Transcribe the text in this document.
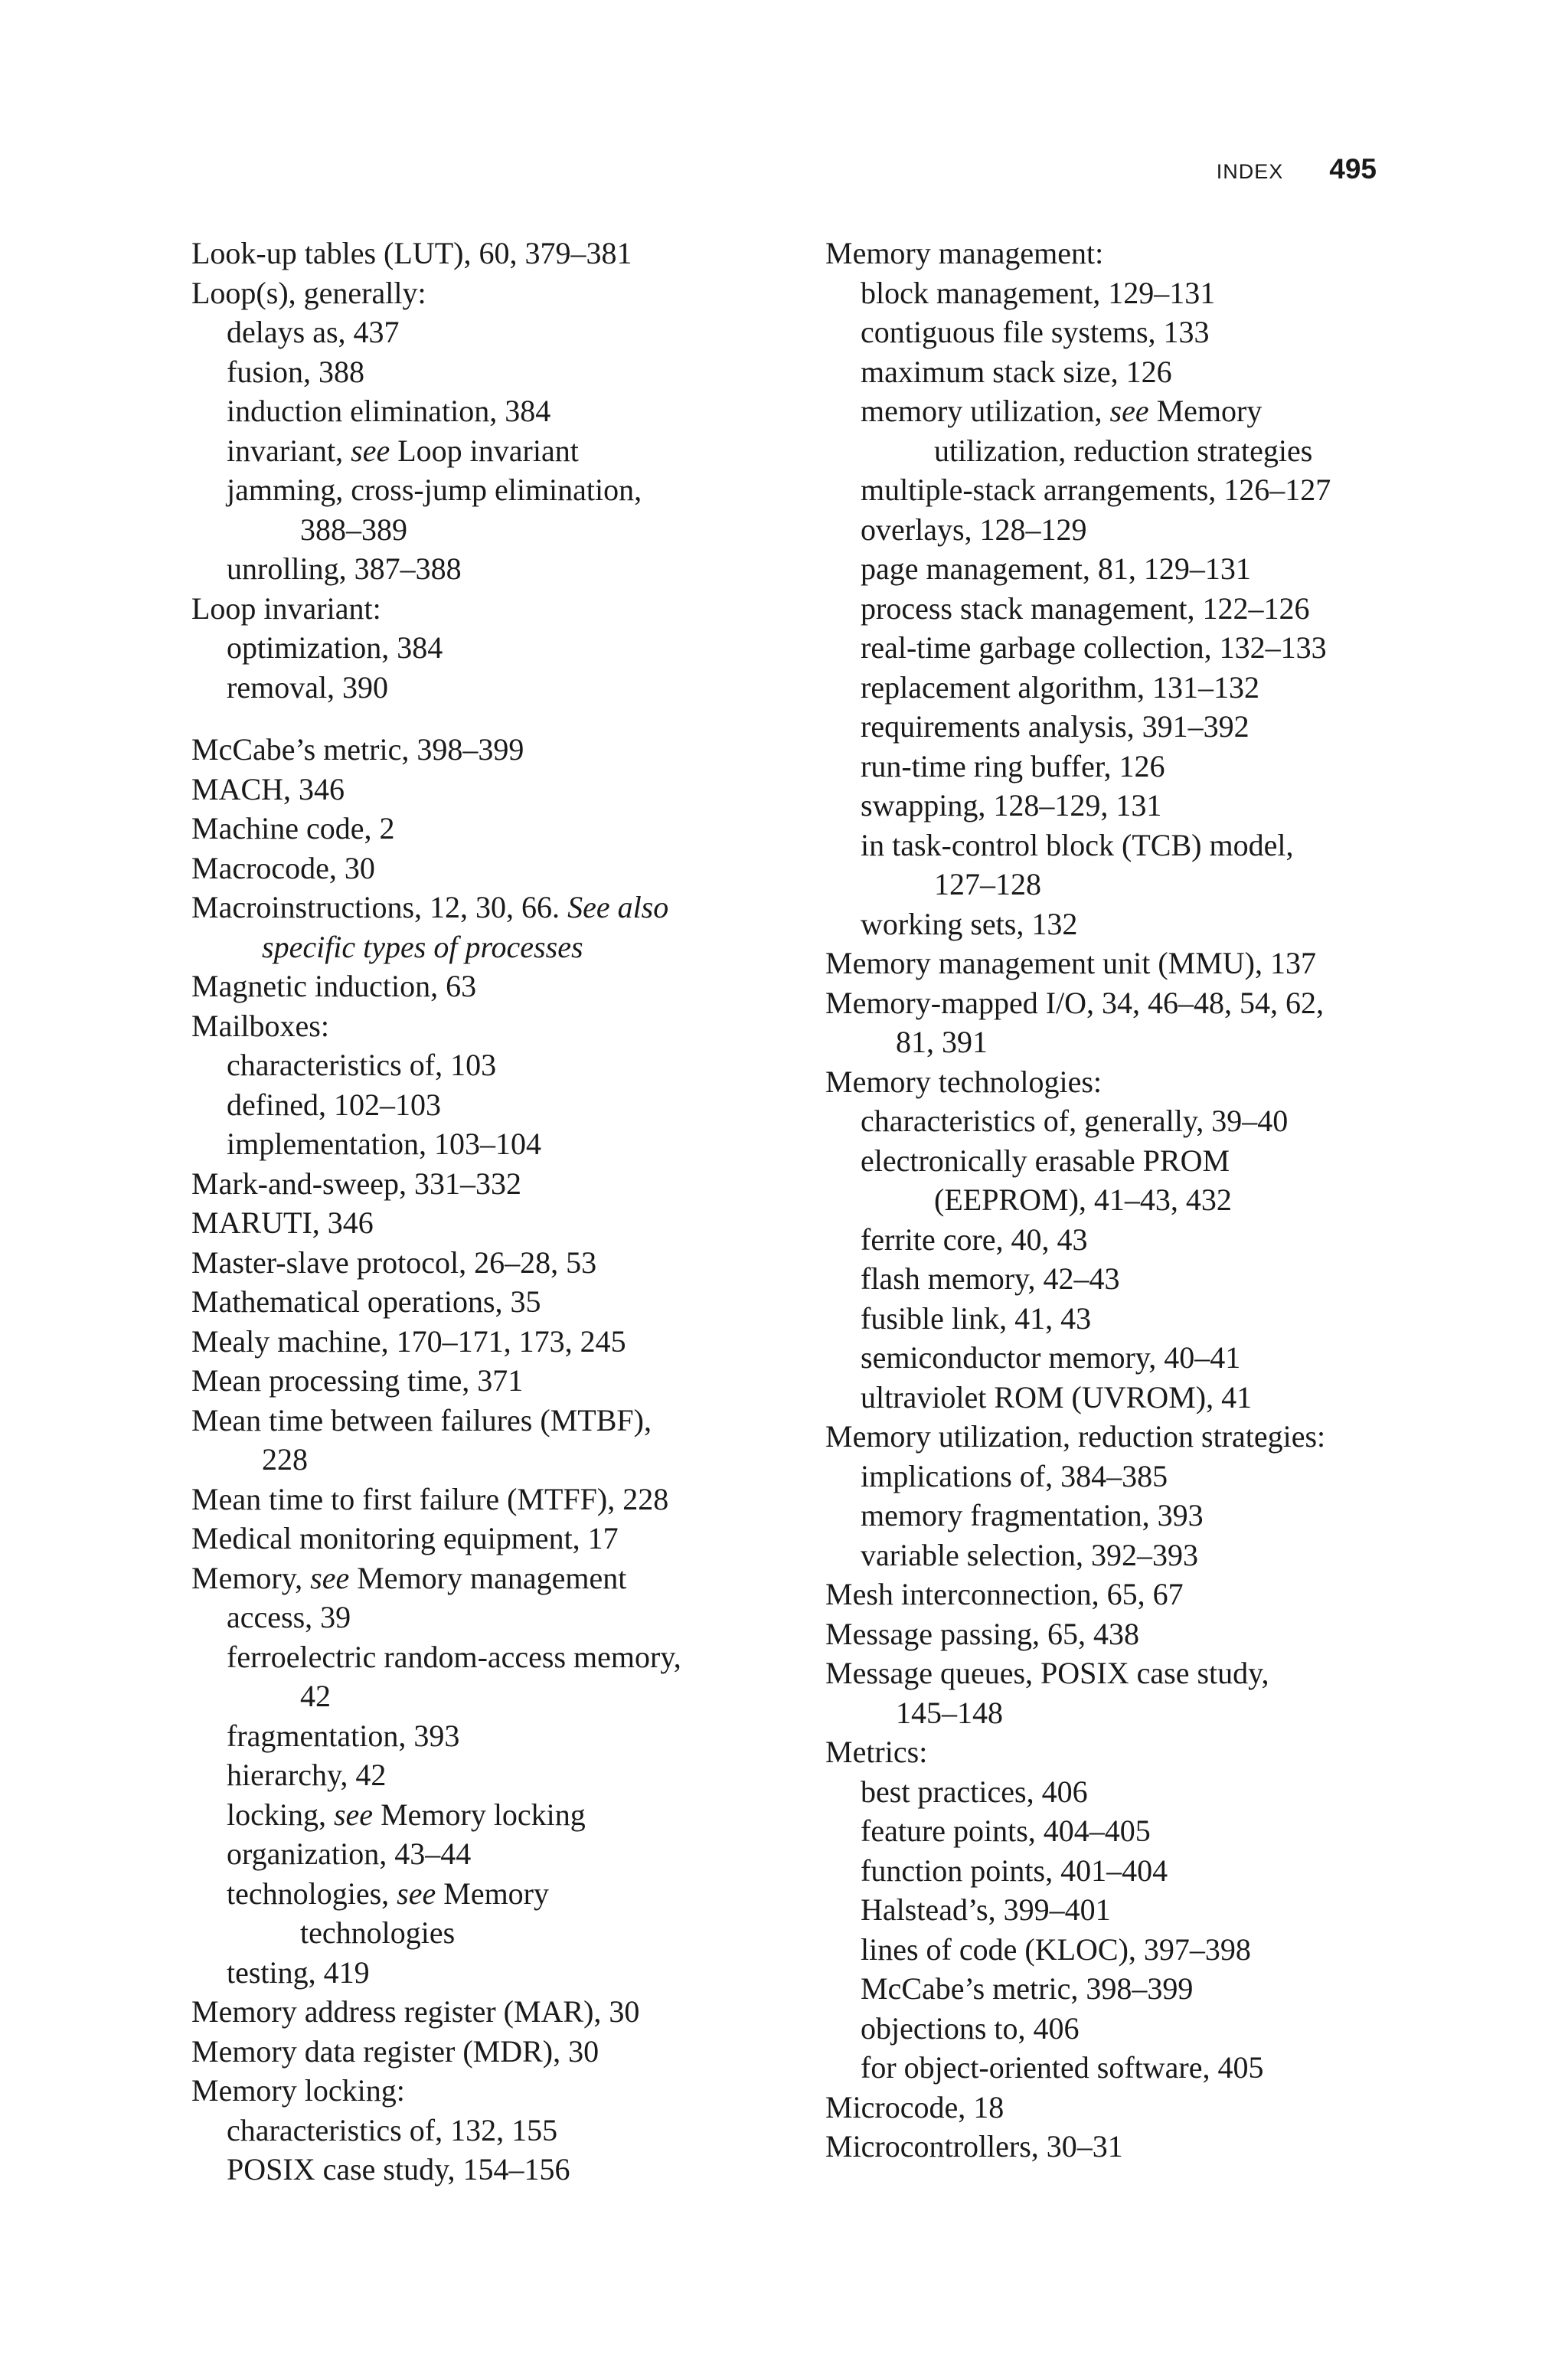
INDEX 495
Look-up tables (LUT), 60, 379–381
Loop(s), generally:
delays as, 437
fusion, 388
induction elimination, 384
invariant, see Loop invariant
jamming, cross-jump elimination,
388–389
unrolling, 387–388
Loop invariant:
optimization, 384
removal, 390
McCabe’s metric, 398–399
MACH, 346
Machine code, 2
Macrocode, 30
Macroinstructions, 12, 30, 66. See also
specific types of processes
Magnetic induction, 63
Mailboxes:
characteristics of, 103
defined, 102–103
implementation, 103–104
Mark-and-sweep, 331–332
MARUTI, 346
Master-slave protocol, 26–28, 53
Mathematical operations, 35
Mealy machine, 170–171, 173, 245
Mean processing time, 371
Mean time between failures (MTBF),
228
Mean time to first failure (MTFF), 228
Medical monitoring equipment, 17
Memory, see Memory management
access, 39
ferroelectric random-access memory,
42
fragmentation, 393
hierarchy, 42
locking, see Memory locking
organization, 43–44
technologies, see Memory
technologies
testing, 419
Memory address register (MAR), 30
Memory data register (MDR), 30
Memory locking:
characteristics of, 132, 155
POSIX case study, 154–156
Memory management:
block management, 129–131
contiguous file systems, 133
maximum stack size, 126
memory utilization, see Memory
utilization, reduction strategies
multiple-stack arrangements, 126–127
overlays, 128–129
page management, 81, 129–131
process stack management, 122–126
real-time garbage collection, 132–133
replacement algorithm, 131–132
requirements analysis, 391–392
run-time ring buffer, 126
swapping, 128–129, 131
in task-control block (TCB) model,
127–128
working sets, 132
Memory management unit (MMU), 137
Memory-mapped I/O, 34, 46–48, 54, 62,
81, 391
Memory technologies:
characteristics of, generally, 39–40
electronically erasable PROM
(EEPROM), 41–43, 432
ferrite core, 40, 43
flash memory, 42–43
fusible link, 41, 43
semiconductor memory, 40–41
ultraviolet ROM (UVROM), 41
Memory utilization, reduction strategies:
implications of, 384–385
memory fragmentation, 393
variable selection, 392–393
Mesh interconnection, 65, 67
Message passing, 65, 438
Message queues, POSIX case study,
145–148
Metrics:
best practices, 406
feature points, 404–405
function points, 401–404
Halstead’s, 399–401
lines of code (KLOC), 397–398
McCabe’s metric, 398–399
objections to, 406
for object-oriented software, 405
Microcode, 18
Microcontrollers, 30–31
